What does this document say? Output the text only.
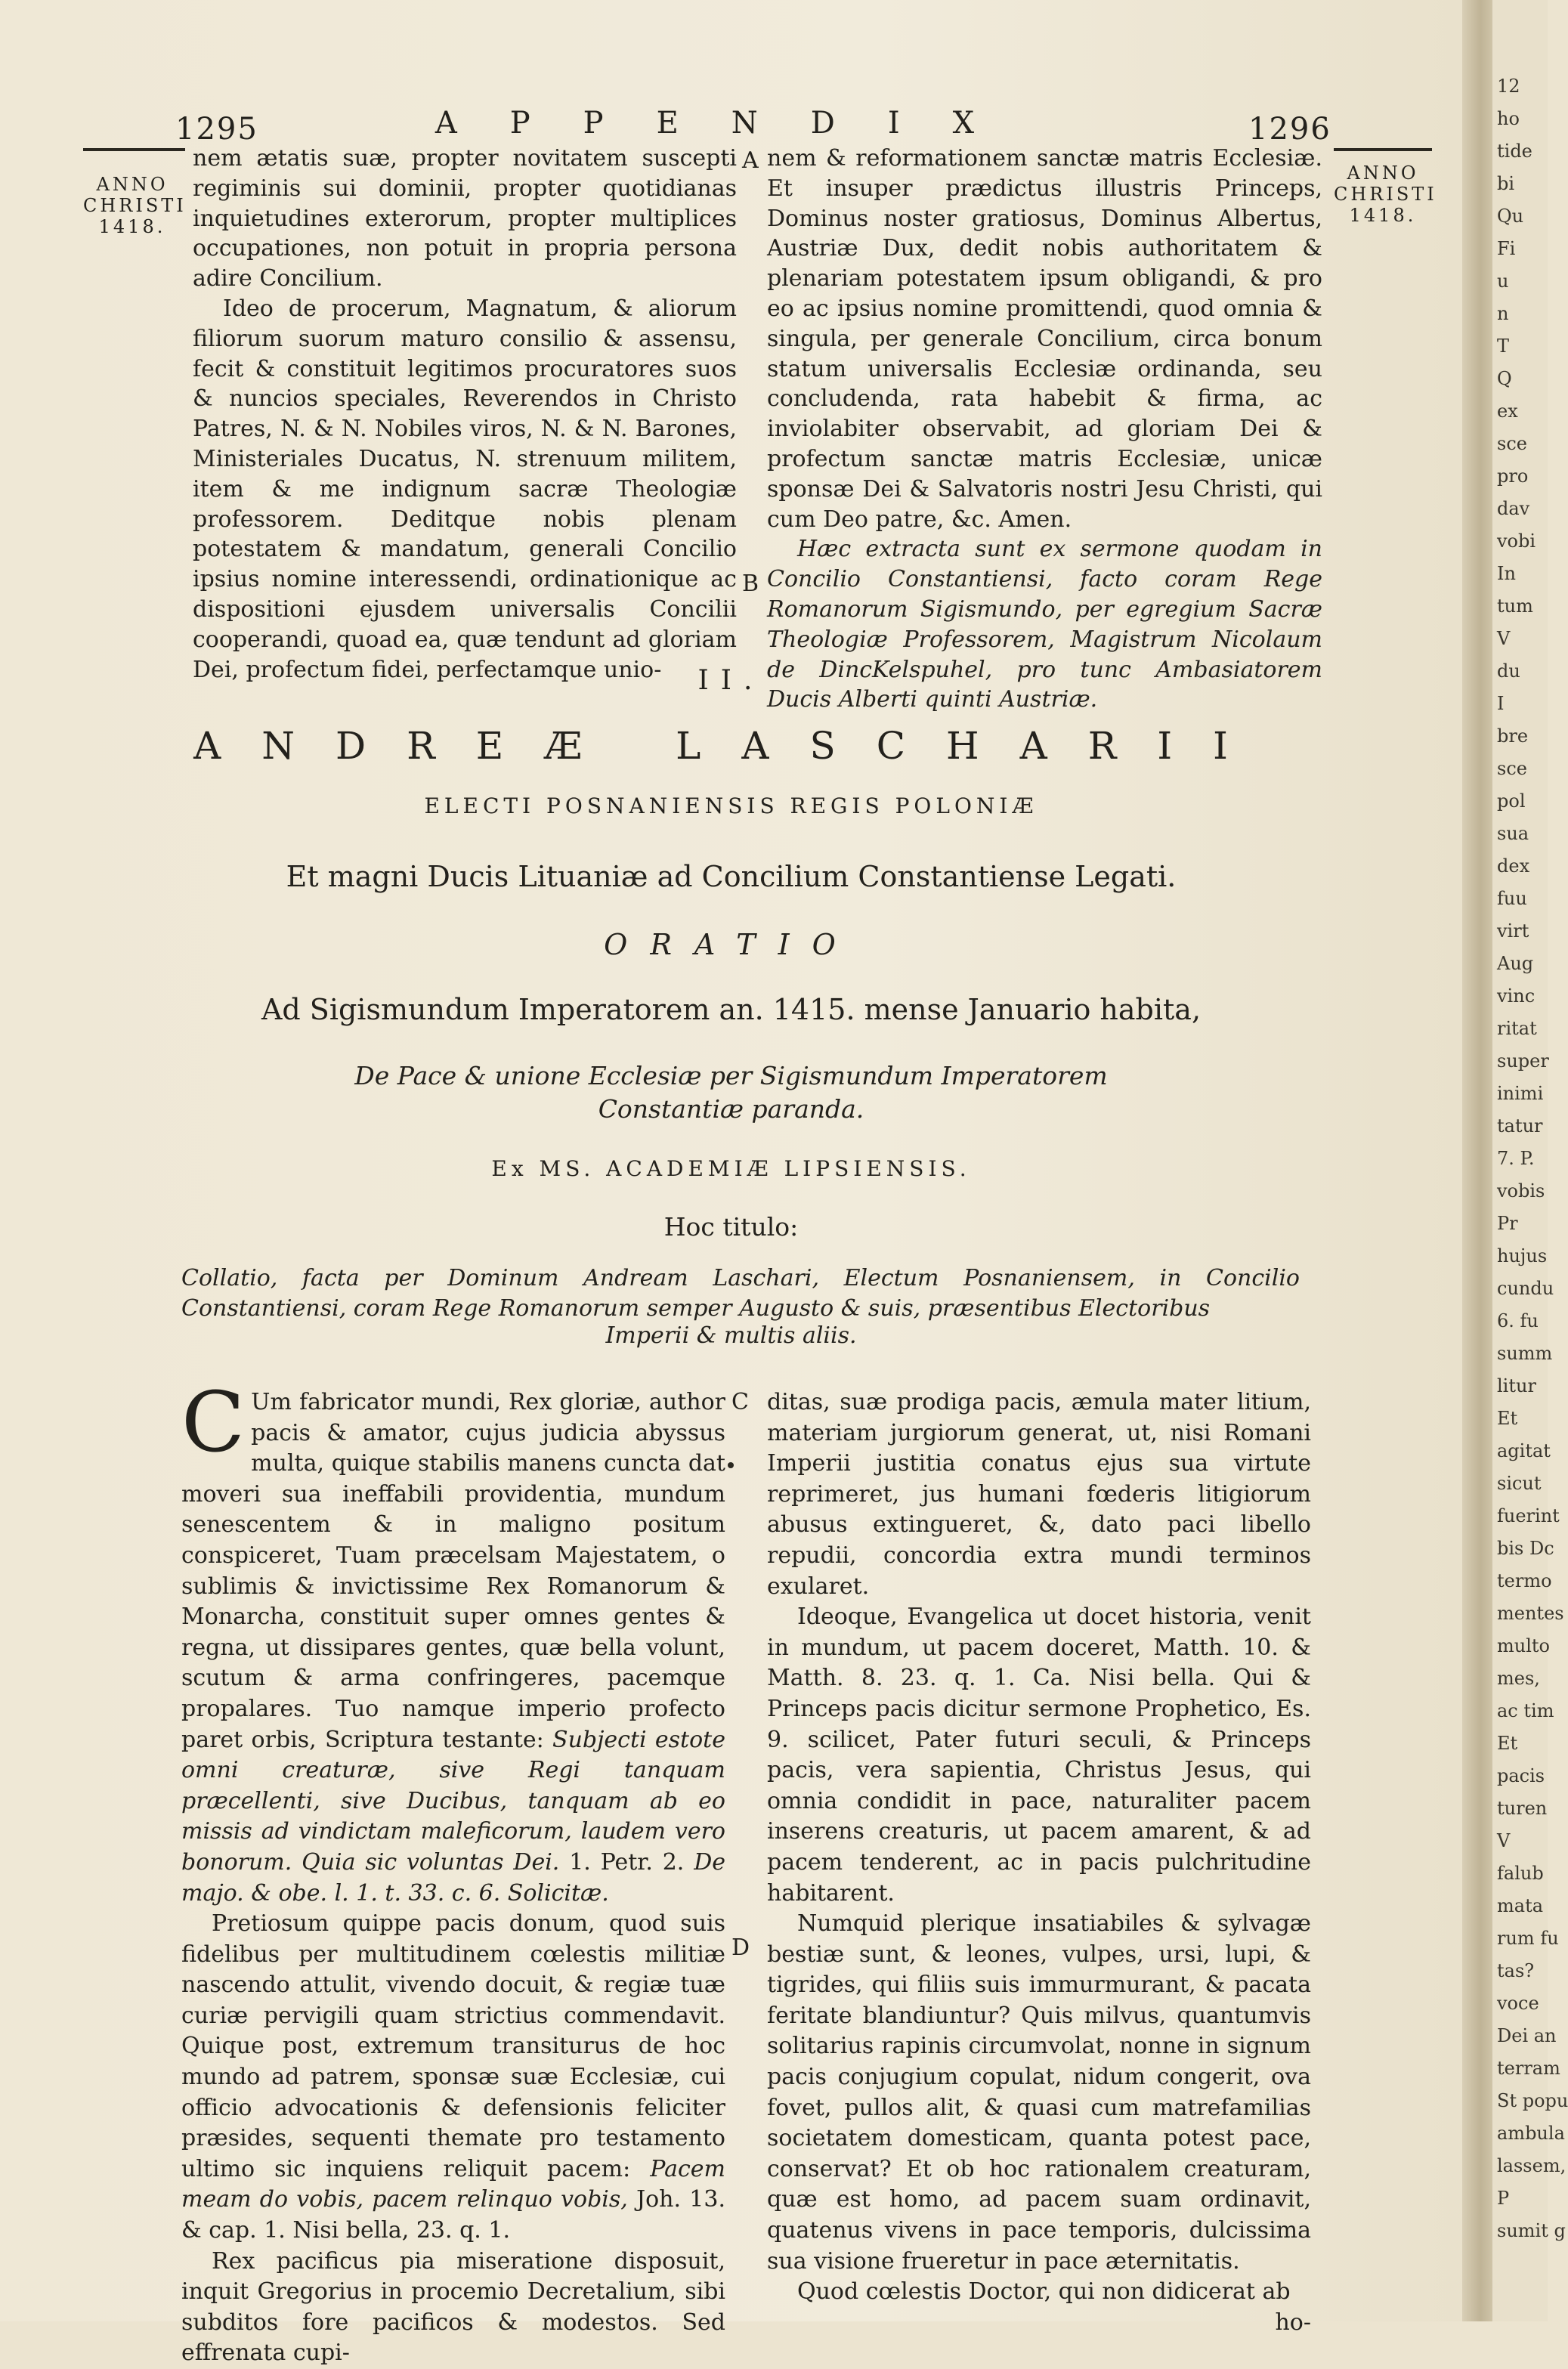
1295	APPENDIX	1296
ANNO
CHRISTI
1418.
ANNO
CHRISTI
1418.

nem ætatis suæ, propter novitatem suscepti regiminis sui dominii, propter quotidianas inquietudines exterorum, propter multiplices occupationes, non potuit in propria persona adire Concilium.

Ideo de procerum, Magnatum, & aliorum filiorum suorum maturo consilio & assensu, fecit & constituit legitimos procuratores suos & nuncios speciales, Reverendos in Christo Patres, N. & N. Nobiles viros, N. & N. Barones, Ministeriales Ducatus, N. strenuum militem, item & me indignum sacræ Theologiæ professorem. Deditque nobis plenam potestatem & mandatum, generali Concilio ipsius nomine interessendi, ordinationique ac dispositioni ejusdem universalis Concilii cooperandi, quoad ea, quæ tendunt ad gloriam Dei, profectum fidei, perfectamque unio-

A
B

nem & reformationem sanctæ matris Ecclesiæ. Et insuper prædictus illustris Princeps, Dominus noster gratiosus, Dominus Albertus, Austriæ Dux, dedit nobis authoritatem & plenariam potestatem ipsum obligandi, & pro eo ac ipsius nomine promittendi, quod omnia & singula, per generale Concilium, circa bonum statum universalis Ecclesiæ ordinanda, seu concludenda, rata habebit & firma, ac inviolabiter observabit, ad gloriam Dei & profectum sanctæ matris Ecclesiæ, unicæ sponsæ Dei & Salvatoris nostri Jesu Christi, qui cum Deo patre, &c. Amen.

Hæc extracta sunt ex sermone quodam in Concilio Constantiensi, facto coram Rege Romanorum Sigismundo, per egregium Sacræ Theologiæ Professorem, Magistrum Nicolaum de DincKelspuhel, pro tunc Ambasiatorem Ducis Alberti quinti Austriæ.

II.
ANDREÆ LASCHARII
ELECTI POSNANIENSIS REGIS POLONIÆ
Et magni Ducis Lituaniæ ad Concilium Constantiense Legati.
ORATIO
Ad Sigismundum Imperatorem an. 1415. mense Januario habita,
De Pace & unione Ecclesiæ per Sigismundum Imperatorem
Constantiæ paranda.
Ex MS. ACADEMIÆ LIPSIENSIS.
Hoc titulo:
Collatio, facta per Dominum Andream Laschari, Electum Posnaniensem, in Concilio Constantiensi, coram Rege Romanorum semper Augusto & suis, præsentibus Electoribus
Imperii & multis aliis.

C Um fabricator mundi, Rex gloriæ, author pacis & amator, cujus judicia abyssus multa, quique stabilis manens cuncta dat moveri sua ineffabili providentia, mundum senescentem & in maligno positum conspiceret, Tuam præcelsam Majestatem, o sublimis & invictissime Rex Romanorum & Monarcha, constituit super omnes gentes & regna, ut dissipares gentes, quæ bella volunt, scutum & arma confringeres, pacemque propalares. Tuo namque imperio profecto paret orbis, Scriptura testante: Subjecti estote omni creaturæ, sive Regi tanquam præcellenti, sive Ducibus, tanquam ab eo missis ad vindictam maleficorum, laudem vero bonorum. Quia sic voluntas Dei. 1. Petr. 2. De majo. & obe. l. 1. t. 33. c. 6. Solicitæ.

Pretiosum quippe pacis donum, quod suis fidelibus per multitudinem cœlestis militiæ nascendo attulit, vivendo docuit, & regiæ tuæ curiæ pervigili quam strictius commendavit. Quique post, extremum transiturus de hoc mundo ad patrem, sponsæ suæ Ecclesiæ, cui officio advocationis & defensionis feliciter præsides, sequenti themate pro testamento ultimo sic inquiens reliquit pacem: Pacem meam do vobis, pacem relinquo vobis, Joh. 13. & cap. 1. Nisi bella, 23. q. 1.

Rex pacificus pia miseratione disposuit, inquit Gregorius in procemio Decretalium, sibi subditos fore pacificos & modestos. Sed effrenata cupi-

C
D

ditas, suæ prodiga pacis, æmula mater litium, materiam jurgiorum generat, ut, nisi Romani Imperii justitia conatus ejus sua virtute reprimeret, jus humani fœderis litigiorum abusus extingueret, &, dato paci libello repudii, concordia extra mundi terminos exularet.

Ideoque, Evangelica ut docet historia, venit in mundum, ut pacem doceret, Matth. 10. & Matth. 8. 23. q. 1. Ca. Nisi bella. Qui & Princeps pacis dicitur sermone Prophetico, Es. 9. scilicet, Pater futuri seculi, & Princeps pacis, vera sapientia, Christus Jesus, qui omnia condidit in pace, naturaliter pacem inserens creaturis, ut pacem amarent, & ad pacem tenderent, ac in pacis pulchritudine habitarent.

Numquid plerique insatiabiles & sylvagæ bestiæ sunt, & leones, vulpes, ursi, lupi, & tigrides, qui filiis suis immurmurant, & pacata feritate blandiuntur? Quis milvus, quantumvis solitarius rapinis circumvolat, nonne in signum pacis conjugium copulat, nidum congerit, ova fovet, pullos alit, & quasi cum matrefamilias societatem domesticam, quanta potest pace, conservat? Et ob hoc rationalem creaturam, quæ est homo, ad pacem suam ordinavit, quatenus vivens in pace temporis, dulcissima sua visione frueretur in pace æternitatis.

Quod cœlestis Doctor, qui non didicerat ab

ho-

12
ho
tide
bi
Qu
Fi
u
n
T
Q
ex
sce
pro
dav
vobi
In
tum
V
du
I
bre
sce
pol
sua
dex
fuu
virt
Aug
vinc
ritat
super
inimi
tatur
7. P.
vobis
Pr
hujus
cundu
6. fu
summ
litur
Et
agitat
sicut
fuerint
bis Dc
termo
mentes
multo
mes,
ac tim
Et
pacis
turen
V
falub
mata
rum fu
tas?
voce
Dei an
terram
St popu
ambula
lassem,
P
sumit g
